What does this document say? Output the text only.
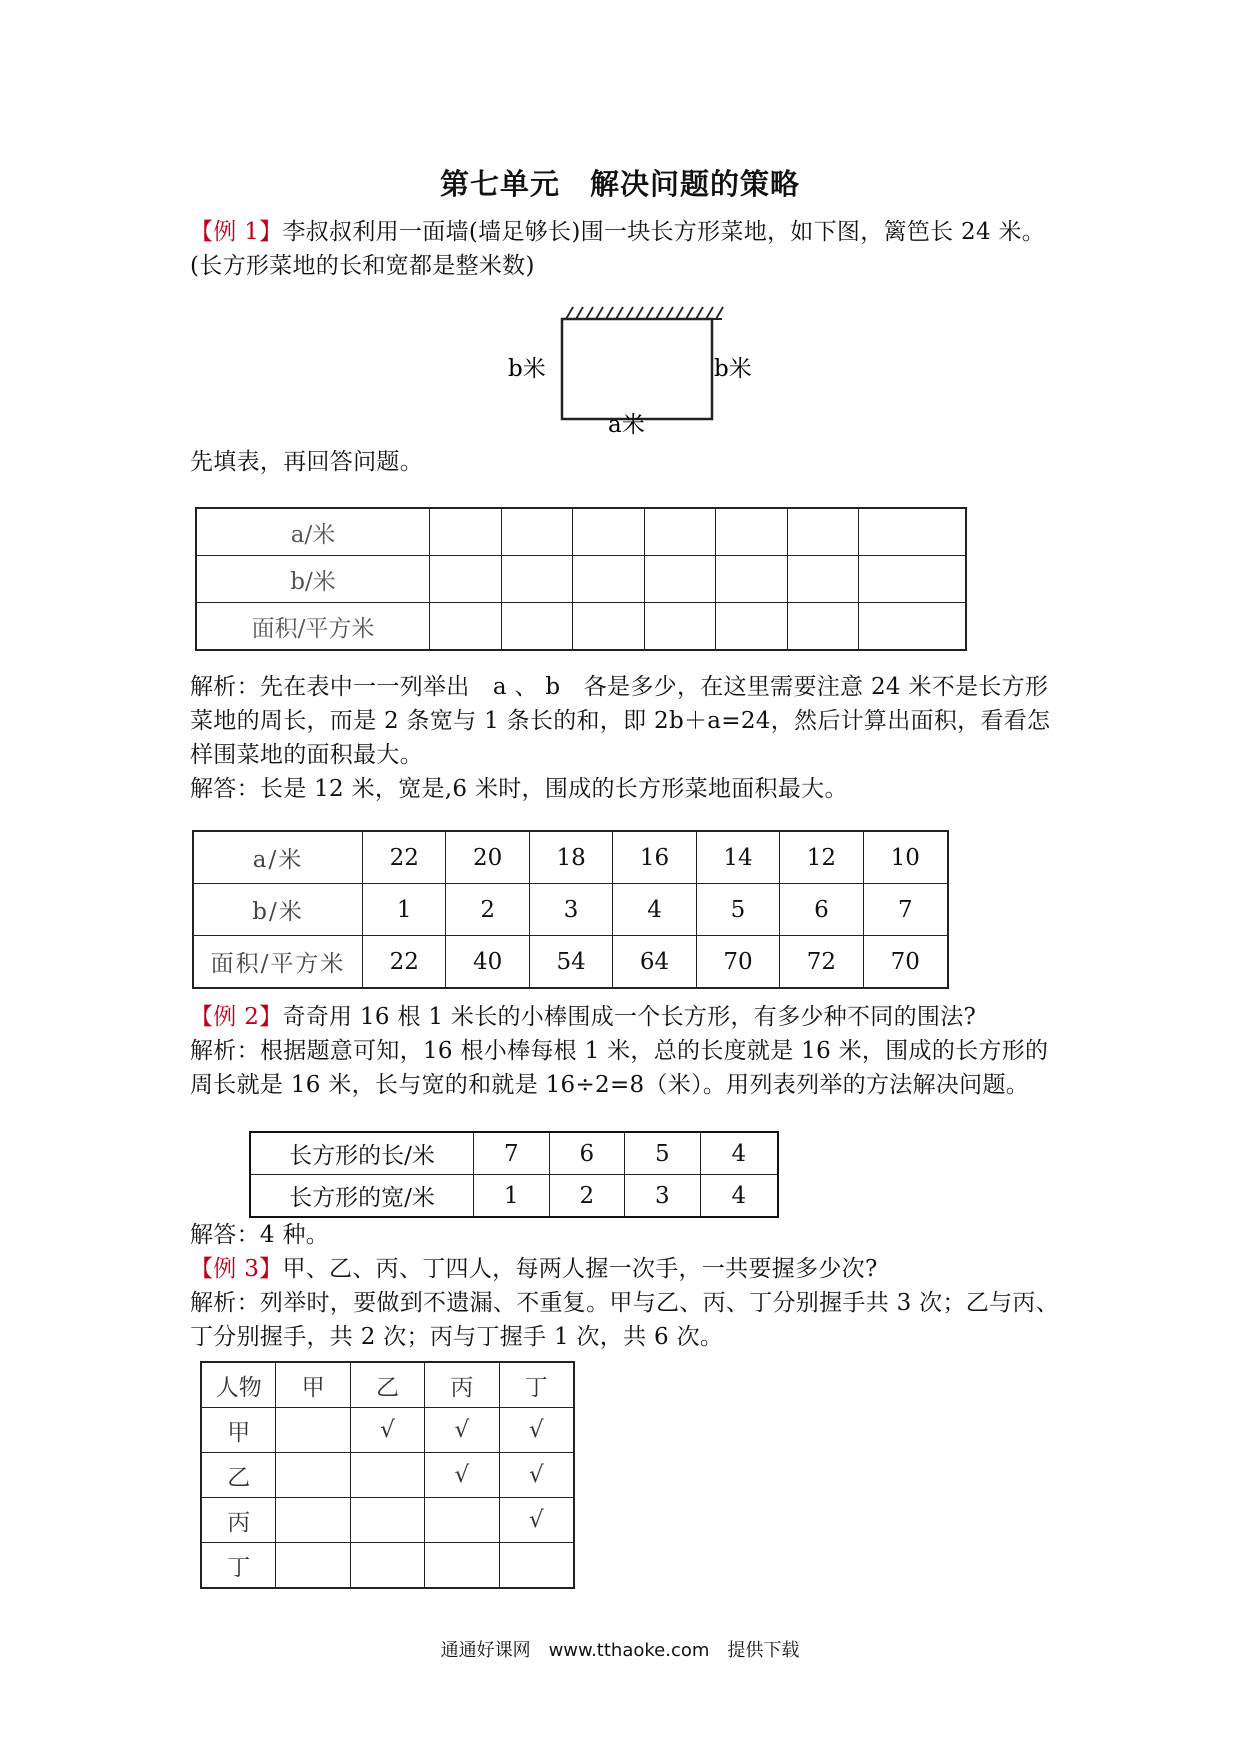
第七单元　解决问题的策略
【例 1】李叔叔利用一面墙(墙足够长)围一块长方形菜地，如下图，篱笆长 24 米。(长方形菜地的长和宽都是整米数)
b米	b米
a米
先填表，再回答问题。
a/米							
b/米							
面积/平方米							
解析：先在表中一一列举出　a 、 b　各是多少，在这里需要注意 24 米不是长方形菜地的周长，而是 2 条宽与 1 条长的和，即 2b＋a=24，然后计算出面积，看看怎样围菜地的面积最大。
解答：长是 12 米，宽是,6 米时，围成的长方形菜地面积最大。
a/米	22	20	18	16	14	12	10
b/米	1	2	3	4	5	6	7
面积/平方米	22	40	54	64	70	72	70
【例 2】奇奇用 16 根 1 米长的小棒围成一个长方形，有多少种不同的围法?
解析：根据题意可知，16 根小棒每根 1 米，总的长度就是 16 米，围成的长方形的周长就是 16 米，长与宽的和就是 16÷2=8（米）。用列表列举的方法解决问题。
长方形的长/米	7	6	5	4
长方形的宽/米	1	2	3	4
解答：4 种。
【例 3】甲、乙、丙、丁四人，每两人握一次手，一共要握多少次?
解析：列举时，要做到不遗漏、不重复。甲与乙、丙、丁分别握手共 3 次；乙与丙、丁分别握手，共 2 次；丙与丁握手 1 次，共 6 次。
人物	甲	乙	丙	丁
甲		√	√	√
乙			√	√
丙				√
丁				
通通好课网　www.tthaoke.com　提供下载
